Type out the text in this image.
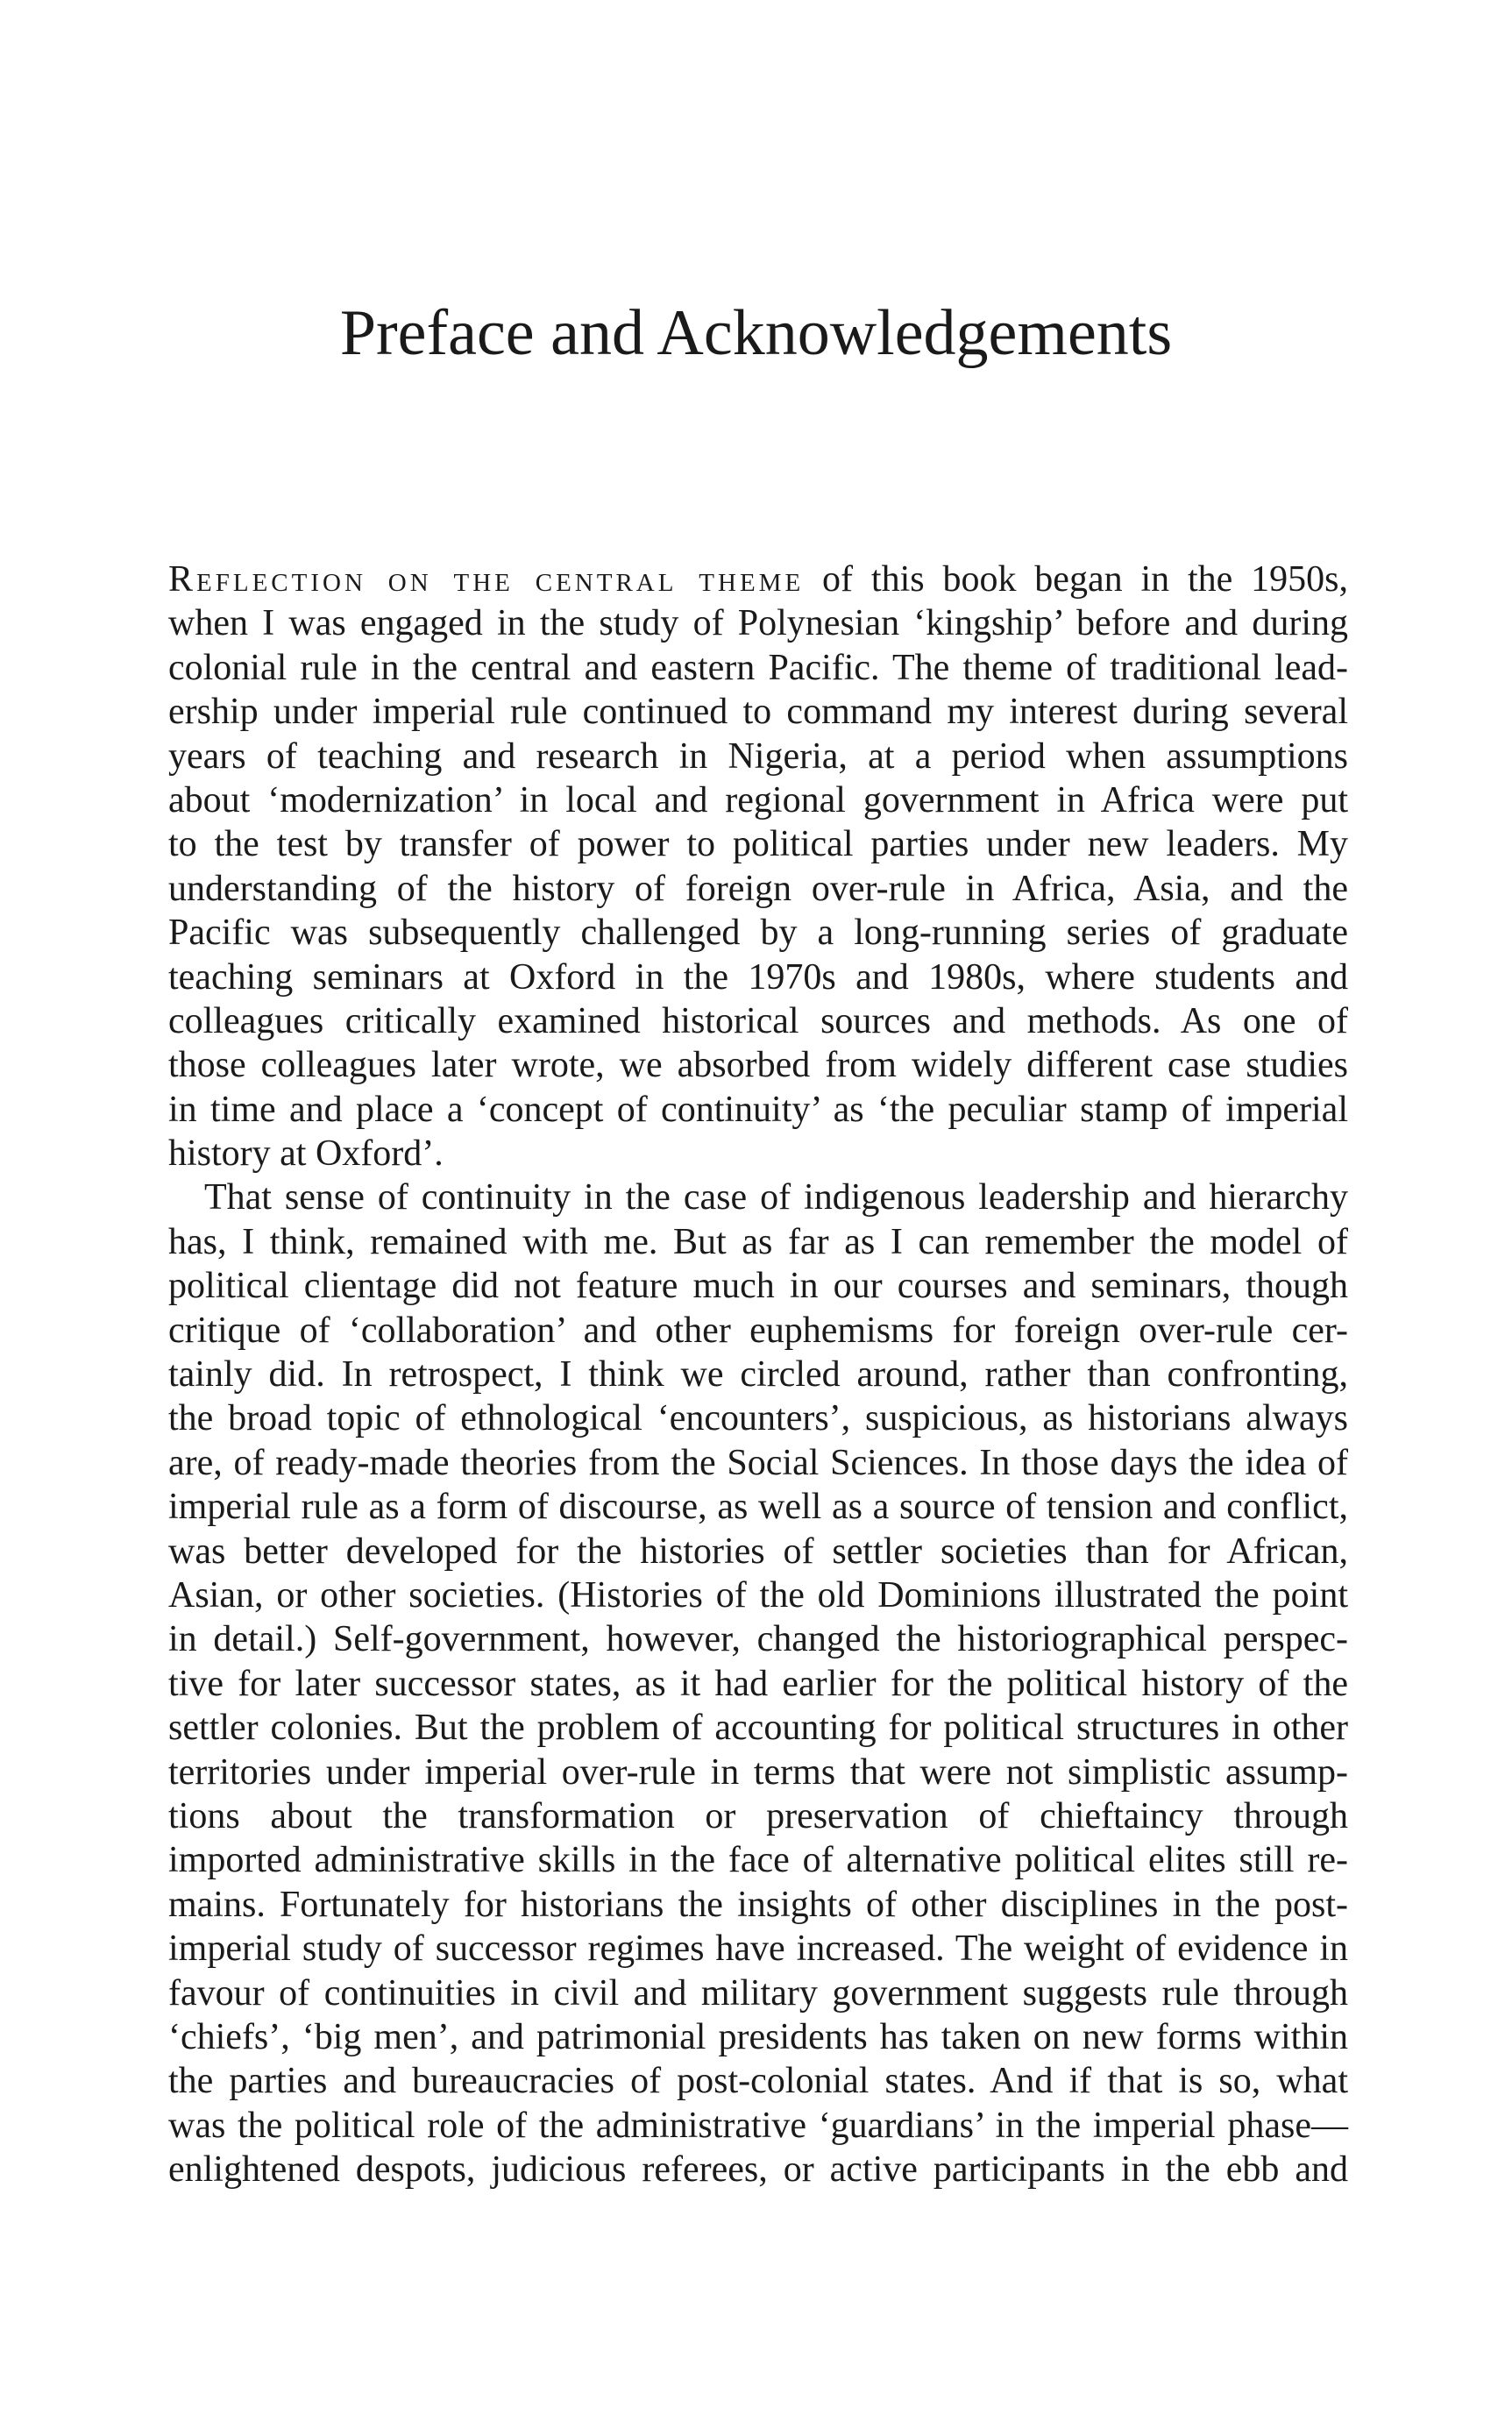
Preface and Acknowledgements
Reflection on the central theme of this book began in the 1950s,
when I was engaged in the study of Polynesian ‘kingship’ before and during
colonial rule in the central and eastern Pacific. The theme of traditional lead-
ership under imperial rule continued to command my interest during several
years of teaching and research in Nigeria, at a period when assumptions
about ‘modernization’ in local and regional government in Africa were put
to the test by transfer of power to political parties under new leaders. My
understanding of the history of foreign over-rule in Africa, Asia, and the
Pacific was subsequently challenged by a long-running series of graduate
teaching seminars at Oxford in the 1970s and 1980s, where students and
colleagues critically examined historical sources and methods. As one of
those colleagues later wrote, we absorbed from widely different case studies
in time and place a ‘concept of continuity’ as ‘the peculiar stamp of imperial
history at Oxford’.
That sense of continuity in the case of indigenous leadership and hierarchy
has, I think, remained with me. But as far as I can remember the model of
political clientage did not feature much in our courses and seminars, though
critique of ‘collaboration’ and other euphemisms for foreign over-rule cer-
tainly did. In retrospect, I think we circled around, rather than confronting,
the broad topic of ethnological ‘encounters’, suspicious, as historians always
are, of ready-made theories from the Social Sciences. In those days the idea of
imperial rule as a form of discourse, as well as a source of tension and conflict,
was better developed for the histories of settler societies than for African,
Asian, or other societies. (Histories of the old Dominions illustrated the point
in detail.) Self-government, however, changed the historiographical perspec-
tive for later successor states, as it had earlier for the political history of the
settler colonies. But the problem of accounting for political structures in other
territories under imperial over-rule in terms that were not simplistic assump-
tions about the transformation or preservation of chieftaincy through
imported administrative skills in the face of alternative political elites still re-
mains. Fortunately for historians the insights of other disciplines in the post-
imperial study of successor regimes have increased. The weight of evidence in
favour of continuities in civil and military government suggests rule through
‘chiefs’, ‘big men’, and patrimonial presidents has taken on new forms within
the parties and bureaucracies of post-colonial states. And if that is so, what
was the political role of the administrative ‘guardians’ in the imperial phase—
enlightened despots, judicious referees, or active participants in the ebb and
